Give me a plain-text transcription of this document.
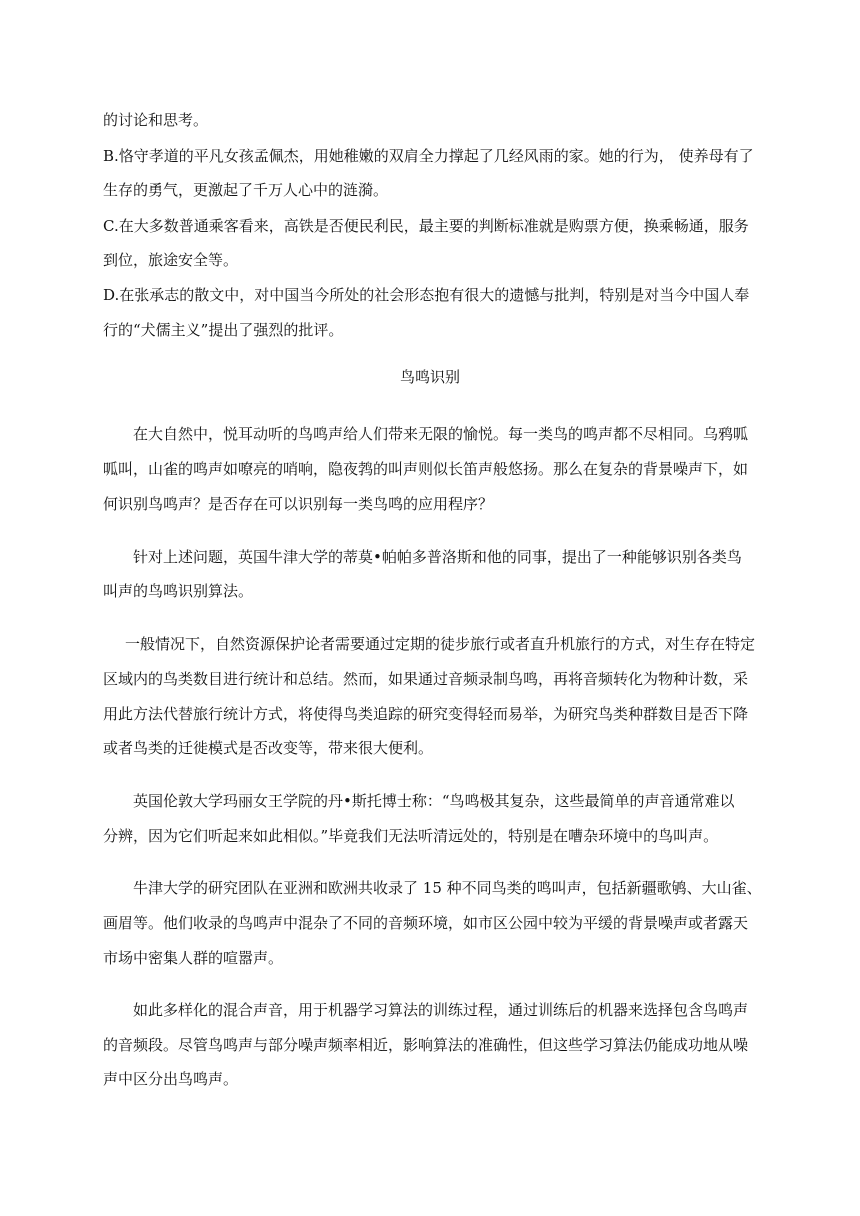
的讨论和思考。
B.恪守孝道的平凡女孩孟佩杰，用她稚嫩的双肩全力撑起了几经风雨的家。她的行为， 使养母有了
生存的勇气，更激起了千万人心中的涟漪。
C.在大多数普通乘客看来，高铁是否便民利民，最主要的判断标准就是购票方便，换乘畅通，服务
到位，旅途安全等。
D.在张承志的散文中，对中国当今所处的社会形态抱有很大的遗憾与批判，特别是对当今中国人奉
行的“犬儒主义”提出了强烈的批评。
鸟鸣识别
在大自然中，悦耳动听的鸟鸣声给人们带来无限的愉悦。每一类鸟的鸣声都不尽相同。乌鸦呱
呱叫，山雀的鸣声如嘹亮的哨响，隐夜鹁的叫声则似长笛声般悠扬。那么在复杂的背景噪声下，如
何识别鸟鸣声？是否存在可以识别每一类鸟鸣的应用程序？
针对上述问题，英国牛津大学的蒂莫•帕帕多普洛斯和他的同事，提出了一种能够识别各类鸟
叫声的鸟鸣识别算法。
一般情况下，自然资源保护论者需要通过定期的徒步旅行或者直升机旅行的方式，对生存在特定
区域内的鸟类数目进行统计和总结。然而，如果通过音频录制鸟鸣，再将音频转化为物种计数，采
用此方法代替旅行统计方式，将使得鸟类追踪的研究变得轻而易举，为研究鸟类种群数目是否下降
或者鸟类的迁徙模式是否改变等，带来很大便利。
英国伦敦大学玛丽女王学院的丹•斯托博士称：“鸟鸣极其复杂，这些最简单的声音通常难以
分辨，因为它们听起来如此相似。”毕竟我们无法听清远处的，特别是在嘈杂环境中的鸟叫声。
牛津大学的研究团队在亚洲和欧洲共收录了 15 种不同鸟类的鸣叫声，包括新疆歌鸲、大山雀、
画眉等。他们收录的鸟鸣声中混杂了不同的音频环境，如市区公园中较为平缓的背景噪声或者露天
市场中密集人群的喧嚣声。
如此多样化的混合声音，用于机器学习算法的训练过程，通过训练后的机器来选择包含鸟鸣声
的音频段。尽管鸟鸣声与部分噪声频率相近，影响算法的准确性，但这些学习算法仍能成功地从噪
声中区分出鸟鸣声。
